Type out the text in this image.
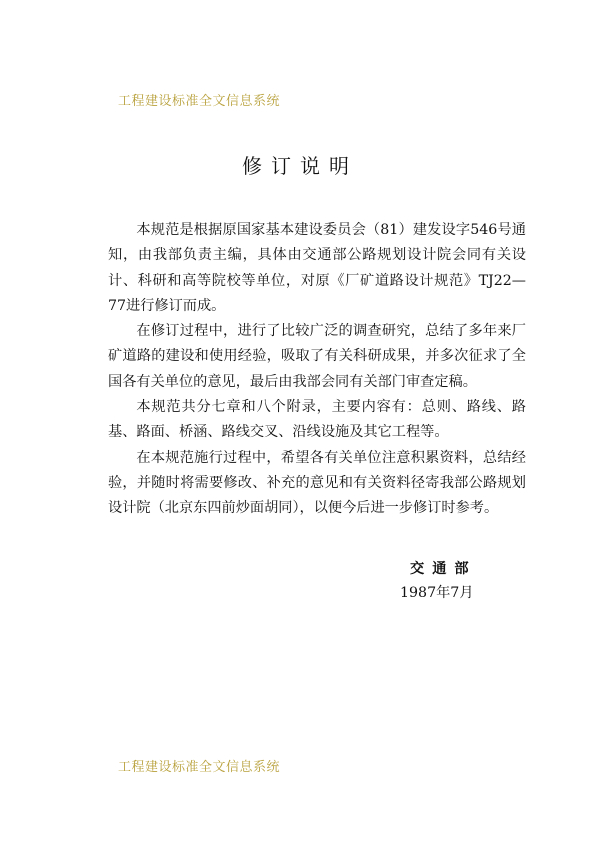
工程建设标准全文信息系统
修订说明

本规范是根据原国家基本建设委员会（81）建发设字546号通知，由我部负责主编，具体由交通部公路规划设计院会同有关设计、科研和高等院校等单位，对原《厂矿道路设计规范》TJ22—77进行修订而成。

在修订过程中，进行了比较广泛的调查研究，总结了多年来厂矿道路的建设和使用经验，吸取了有关科研成果，并多次征求了全国各有关单位的意见，最后由我部会同有关部门审查定稿。

本规范共分七章和八个附录，主要内容有：总则、路线、路基、路面、桥涵、路线交叉、沿线设施及其它工程等。

在本规范施行过程中，希望各有关单位注意积累资料，总结经验，并随时将需要修改、补充的意见和有关资料径寄我部公路规划设计院（北京东四前炒面胡同），以便今后进一步修订时参考。

交通部
1987年7月
工程建设标准全文信息系统
